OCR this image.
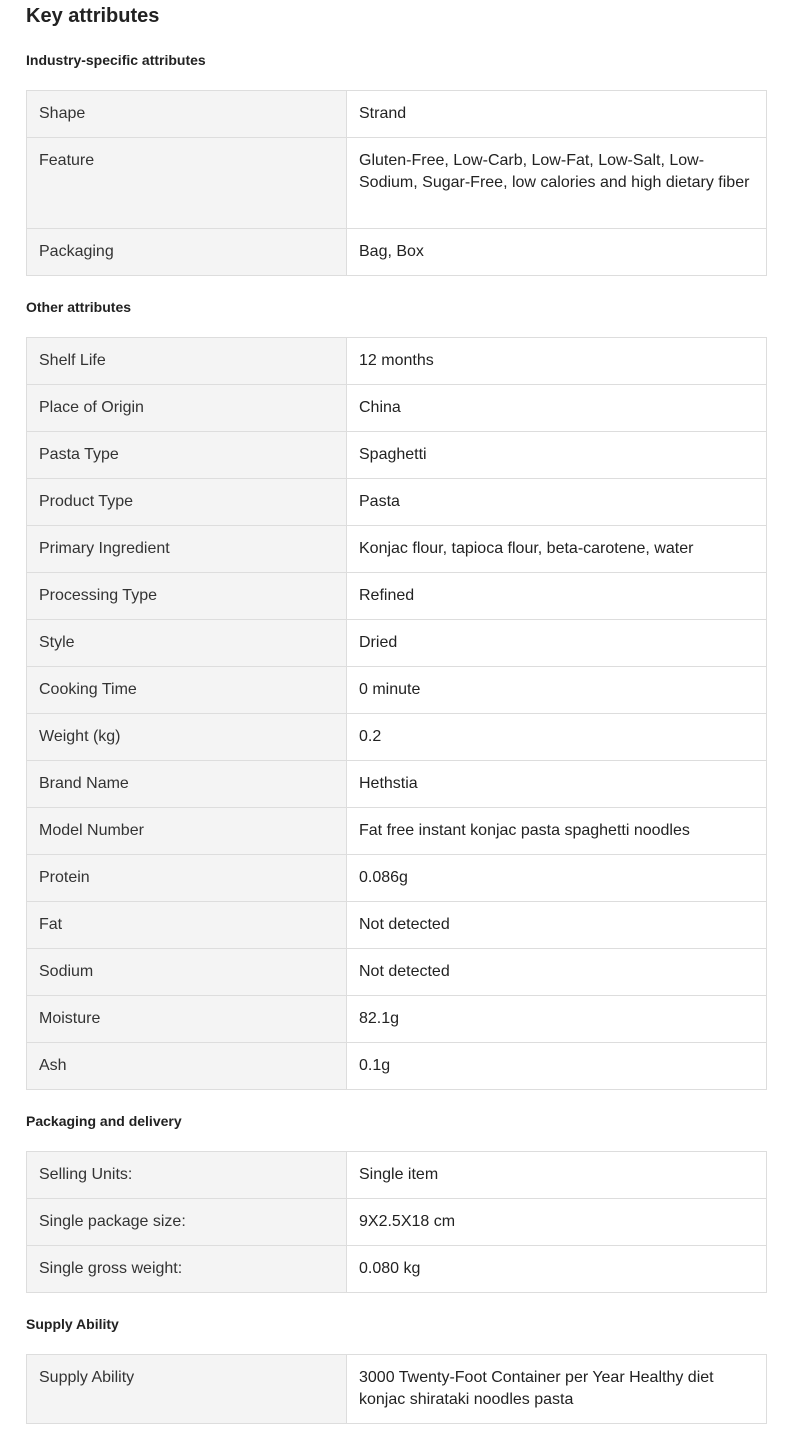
Key attributes
Industry-specific attributes
Shape	Strand
Feature	Gluten-Free, Low-Carb, Low-Fat, Low-Salt, Low-Sodium, Sugar-Free, low calories and high dietary fiber
Packaging	Bag, Box
Other attributes
Shelf Life	12 months
Place of Origin	China
Pasta Type	Spaghetti
Product Type	Pasta
Primary Ingredient	Konjac flour, tapioca flour, beta-carotene, water
Processing Type	Refined
Style	Dried
Cooking Time	0 minute
Weight (kg)	0.2
Brand Name	Hethstia
Model Number	Fat free instant konjac pasta spaghetti noodles
Protein	0.086g
Fat	Not detected
Sodium	Not detected
Moisture	82.1g
Ash	0.1g
Packaging and delivery
Selling Units:	Single item
Single package size:	9X2.5X18 cm
Single gross weight:	0.080 kg
Supply Ability
Supply Ability	3000 Twenty-Foot Container per Year Healthy diet konjac shirataki noodles pasta
